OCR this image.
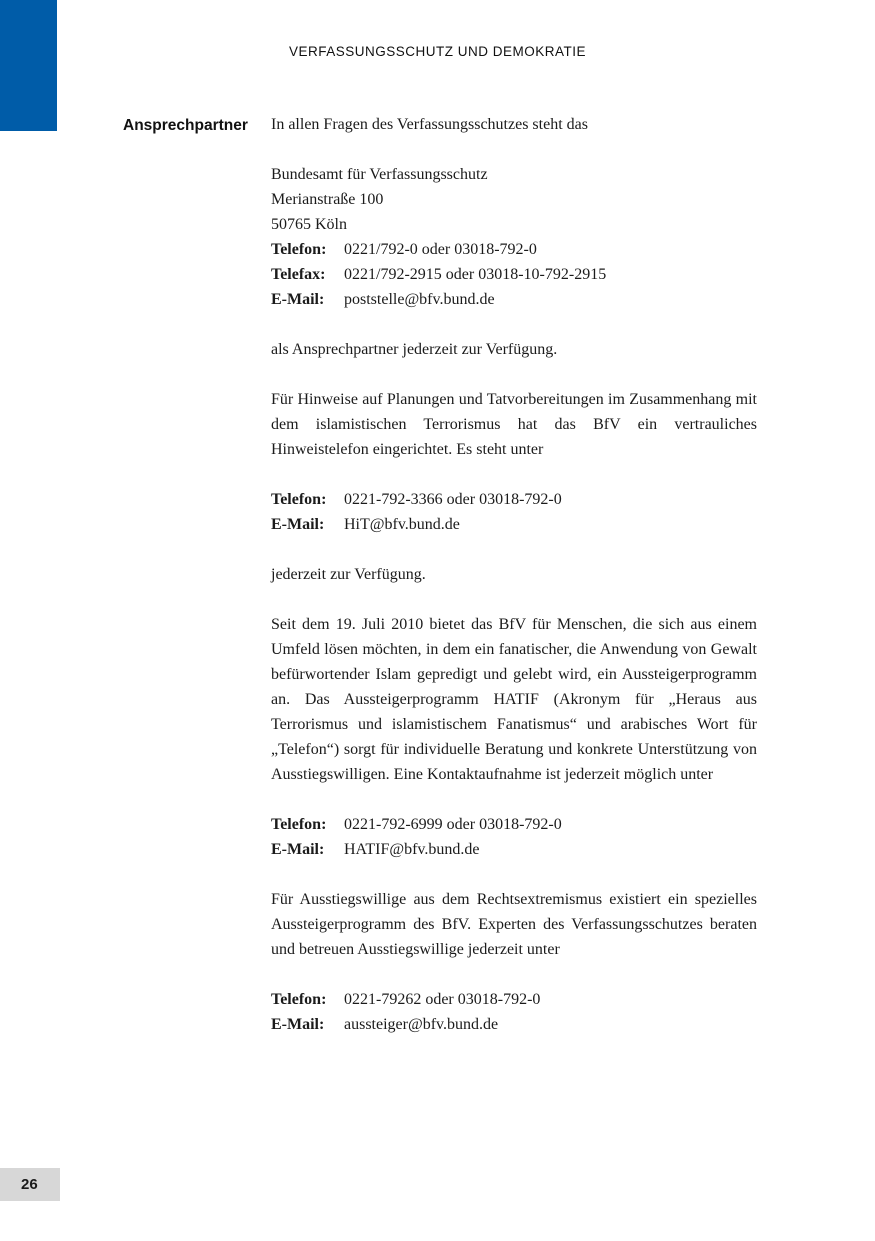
VERFASSUNGSSCHUTZ UND DEMOKRATIE
Ansprechpartner In allen Fragen des Verfassungsschutzes steht das

Bundesamt für Verfassungsschutz
Merianstraße 100
50765 Köln
Telefon:	0221/792-0 oder 03018-792-0
Telefax:	0221/792-2915 oder 03018-10-792-2915
E-Mail:	poststelle@bfv.bund.de

als Ansprechpartner jederzeit zur Verfügung.

Für Hinweise auf Planungen und Tatvorbereitungen im Zusammenhang mit dem islamistischen Terrorismus hat das BfV ein vertrauliches Hinweistelefon eingerichtet. Es steht unter

Telefon:	0221-792-3366 oder 03018-792-0
E-Mail:	HiT@bfv.bund.de

jederzeit zur Verfügung.

Seit dem 19. Juli 2010 bietet das BfV für Menschen, die sich aus einem Umfeld lösen möchten, in dem ein fanatischer, die Anwendung von Gewalt befürwortender Islam gepredigt und gelebt wird, ein Aussteigerprogramm an. Das Aussteigerprogramm HATIF (Akronym für „Heraus aus Terrorismus und islamistischem Fanatismus“ und arabisches Wort für „Telefon“) sorgt für individuelle Beratung und konkrete Unterstützung von Ausstiegswilligen. Eine Kontaktaufnahme ist jederzeit möglich unter

Telefon:	0221-792-6999 oder 03018-792-0
E-Mail:	HATIF@bfv.bund.de

Für Ausstiegswillige aus dem Rechtsextremismus existiert ein spezielles Aussteigerprogramm des BfV. Experten des Verfassungsschutzes beraten und betreuen Ausstiegswillige jederzeit unter

Telefon:	0221-79262 oder 03018-792-0
E-Mail:	aussteiger@bfv.bund.de
26
